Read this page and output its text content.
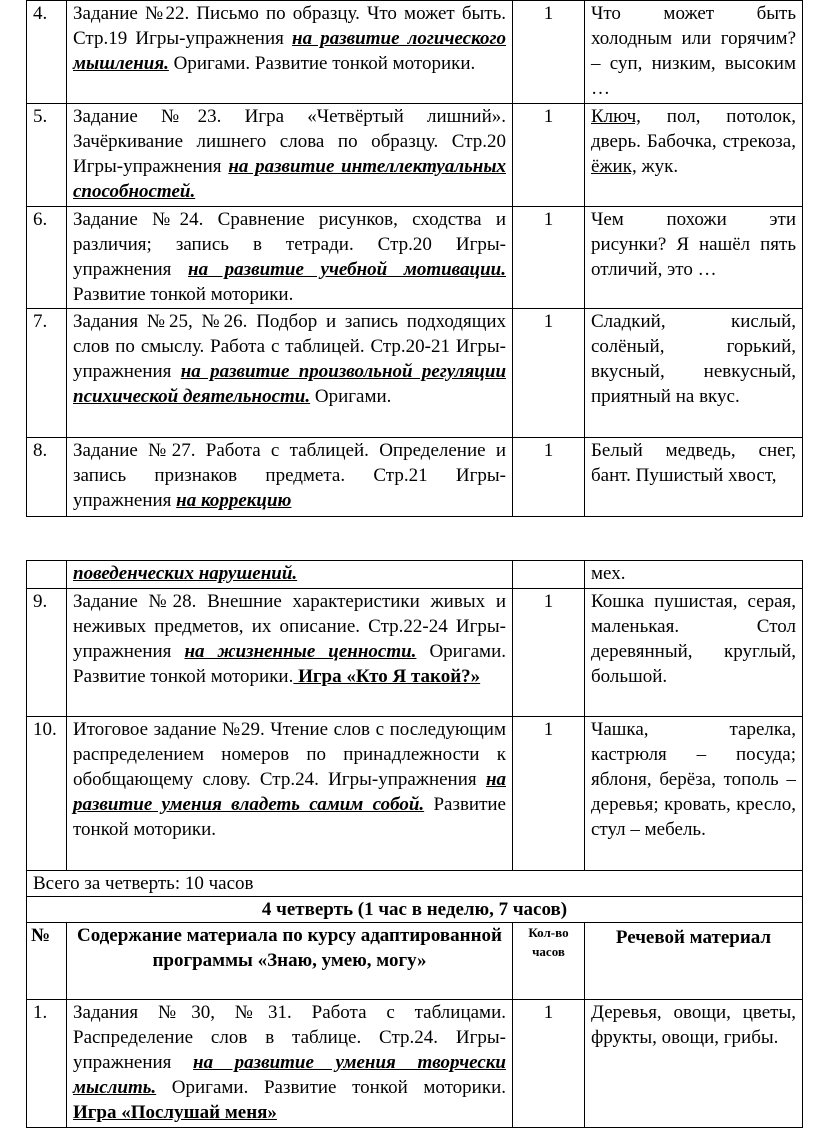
4.	Задание №22. Письмо по образцу. Что может быть. Стр.19 Игры-упражнения на развитие логического мышления. Оригами. Развитие тонкой моторики.	1	Что может быть холодным или горячим? – суп, низким, высоким …
5.	Задание №23. Игра «Четвёртый лишний». Зачёркивание лишнего слова по образцу. Стр.20 Игры-упражнения на развитие интеллектуальных способностей.	1	Ключ, пол, потолок, дверь. Бабочка, стрекоза, ёжик, жук.

6.	Задание №24. Сравнение рисунков, сходства и различия; запись в тетради. Стр.20 Игры-упражнения на развитие учебной мотивации. Развитие тонкой моторики.	1	Чем похожи эти рисунки? Я нашёл пять отличий, это …
7.	Задания №25, №26. Подбор и запись подходящих слов по смыслу. Работа с таблицей. Стр.20-21 Игры-упражнения на развитие произвольной регуляции психической деятельности. Оригами.	1	Сладкий, кислый, солёный, горький, вкусный, невкусный, приятный на вкус.
8.	Задание №27. Работа с таблицей. Определение и запись признаков предмета. Стр.21 Игры-упражнения на коррекцию	1	Белый медведь, снег, бант. Пушистый хвост,

	поведенческих нарушений.		мех.
9.	Задание №28. Внешние характеристики живых и неживых предметов, их описание. Стр.22-24 Игры-упражнения на жизненные ценности. Оригами. Развитие тонкой моторики. Игра «Кто Я такой?»	1	Кошка пушистая, серая, маленькая. Стол деревянный, круглый, большой.
10.	Итоговое задание №29. Чтение слов с последующим распределением номеров по принадлежности к обобщающему слову. Стр.24. Игры-упражнения на развитие умения владеть самим собой. Развитие тонкой моторики.	1	Чашка, тарелка, кастрюля – посуда; яблоня, берёза, тополь – деревья; кровать, кресло, стул – мебель.
Всего за четверть: 10 часов			
4 четверть (1 час в неделю, 7 часов)			
№	Содержание материала по курсу адаптированной программы «Знаю, умею, могу»	Кол-во часов	Речевой материал
1.	Задания №30, №31. Работа с таблицами. Распределение слов в таблице. Стр.24. Игры-упражнения на развитие умения творчески мыслить. Оригами. Развитие тонкой моторики. Игра «Послушай меня»	1	Деревья, овощи, цветы, фрукты, овощи, грибы.
